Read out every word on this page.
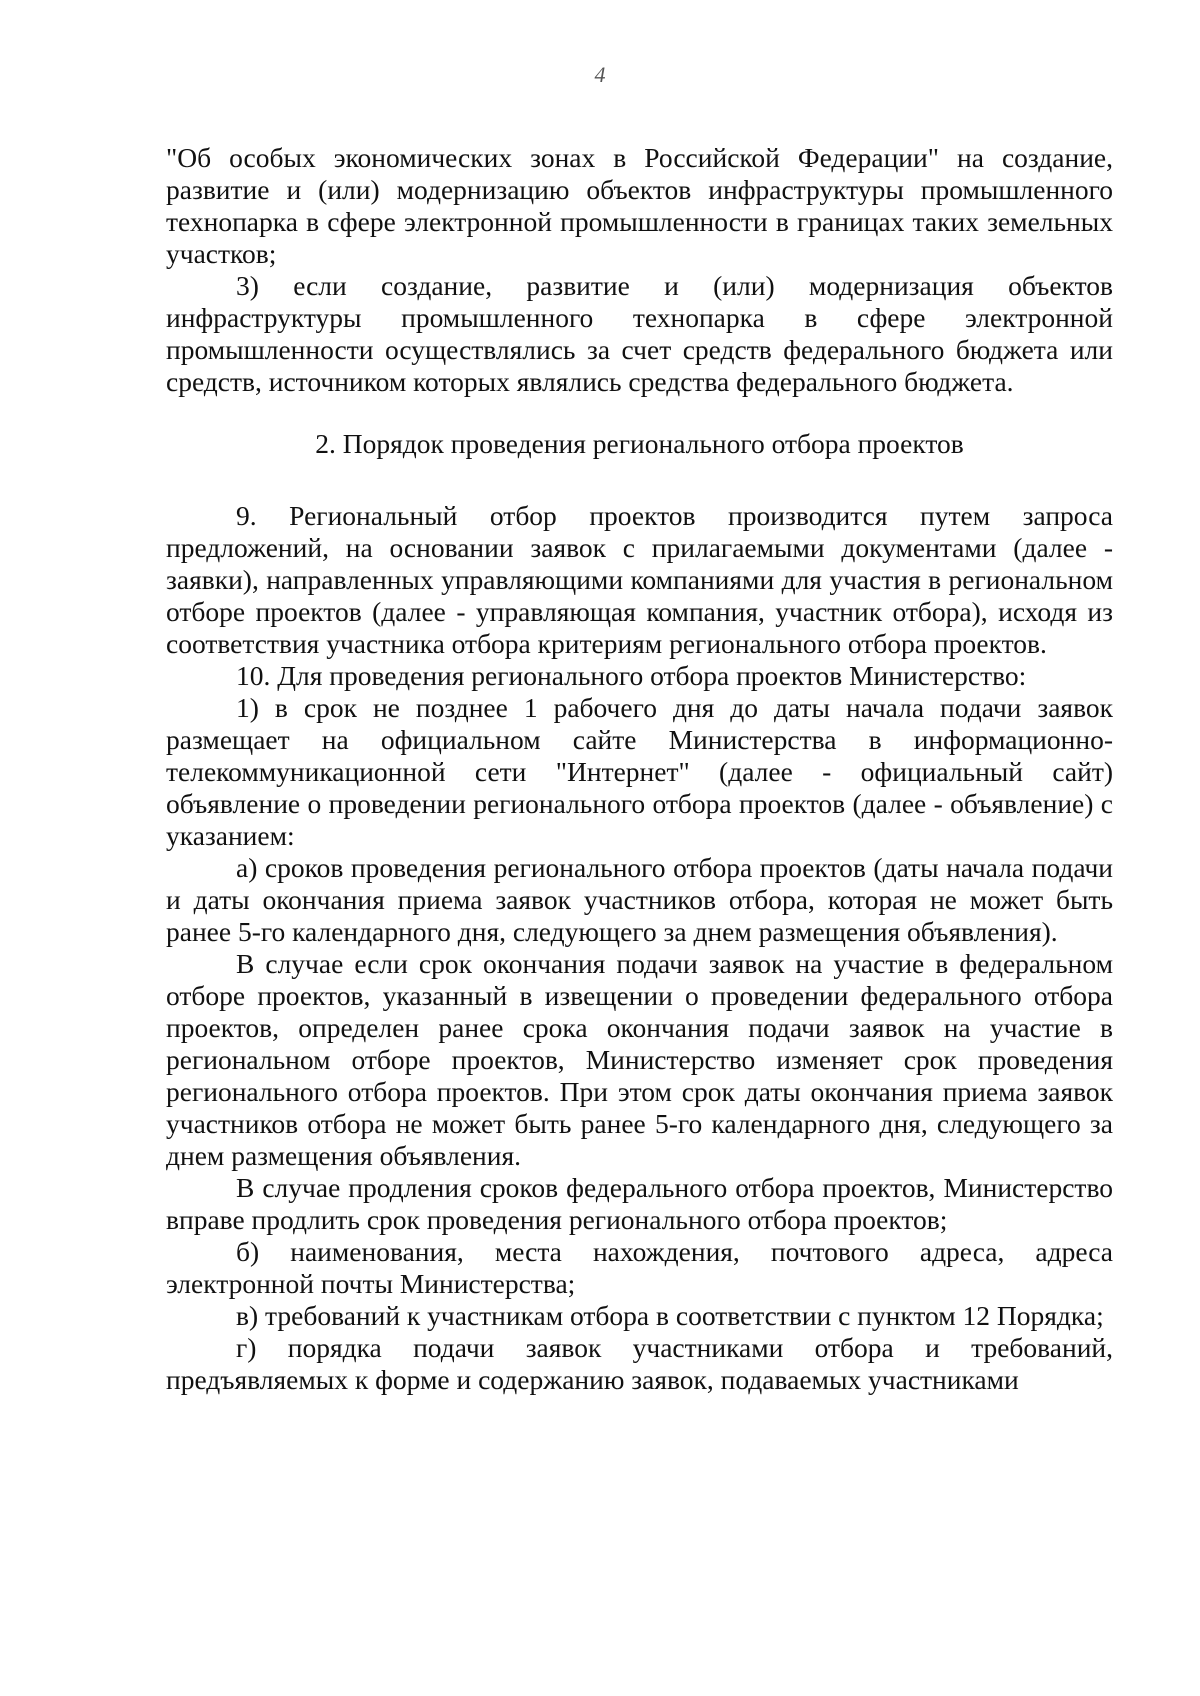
4

"Об особых экономических зонах в Российской Федерации" на создание, развитие и (или) модернизацию объектов инфраструктуры промышленного технопарка в сфере электронной промышленности в границах таких земельных участков;

3) если создание, развитие и (или) модернизация объектов инфраструктуры промышленного технопарка в сфере электронной промышленности осуществлялись за счет средств федерального бюджета или средств, источником которых являлись средства федерального бюджета.

2. Порядок проведения регионального отбора проектов

9. Региональный отбор проектов производится путем запроса предложений, на основании заявок с прилагаемыми документами (далее - заявки), направленных управляющими компаниями для участия в региональном отборе проектов (далее - управляющая компания, участник отбора), исходя из соответствия участника отбора критериям регионального отбора проектов.

10. Для проведения регионального отбора проектов Министерство:

1) в срок не позднее 1 рабочего дня до даты начала подачи заявок размещает на официальном сайте Министерства в информационно-телекоммуникационной сети "Интернет" (далее - официальный сайт) объявление о проведении регионального отбора проектов (далее - объявление) с указанием:

а) сроков проведения регионального отбора проектов (даты начала подачи и даты окончания приема заявок участников отбора, которая не может быть ранее 5-го календарного дня, следующего за днем размещения объявления).

В случае если срок окончания подачи заявок на участие в федеральном отборе проектов, указанный в извещении о проведении федерального отбора проектов, определен ранее срока окончания подачи заявок на участие в региональном отборе проектов, Министерство изменяет срок проведения регионального отбора проектов. При этом срок даты окончания приема заявок участников отбора не может быть ранее 5-го календарного дня, следующего за днем размещения объявления.

В случае продления сроков федерального отбора проектов, Министерство вправе продлить срок проведения регионального отбора проектов;

б) наименования, места нахождения, почтового адреса, адреса электронной почты Министерства;

в) требований к участникам отбора в соответствии с пунктом 12 Порядка;

г) порядка подачи заявок участниками отбора и требований, предъявляемых к форме и содержанию заявок, подаваемых участниками
